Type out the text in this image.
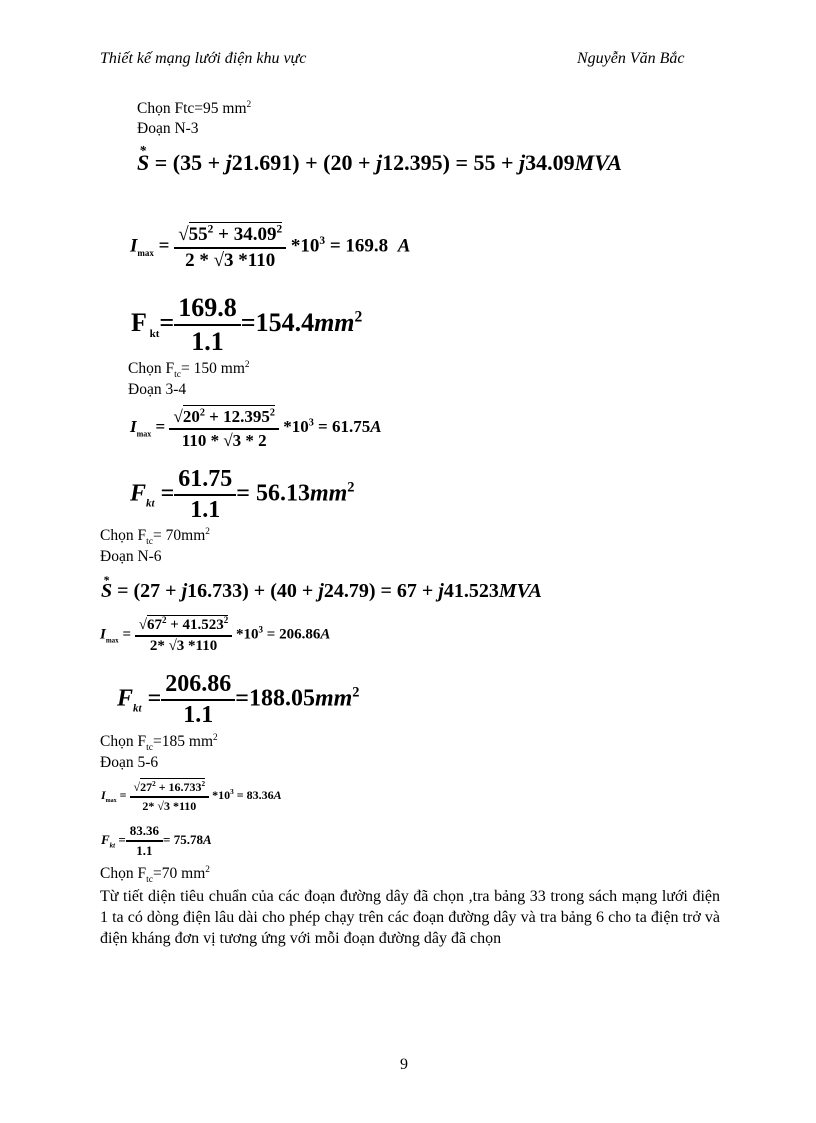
Thiết kế mạng lưới điện khu vực	Nguyễn Văn Bắc
Chọn Ftc=95 $mm^2$
Đoạn N-3
* S = (35 + j21.691) + (20 + j12.395) = 55 + j34.09MVA
$I_{max} = \frac{√55^2 + 34.09^2}{2 * √3 *110} *10^3 = 169.8$  A
F $_{kt}= \frac{169.8}{1.1} =154.4mm^2$
Chọn $F_{tc}= 150$ $mm^2$
Đoạn 3-4
$I_{max} = \frac{√20^2 + 12.395^2}{110 * √3 * 2} *10^3 = 61.75A$
$F_{kt} = \frac{61.75}{1.1} = 56.13mm^2$
Chọn $F_{tc}= 70mm^2$
Đoạn N-6
* S = (27 + j16.733) + (40 + j24.79) = 67 + j41.523MVA
$I_{max} = \frac{√67^2 + 41.523^2}{2* √3 *110} *10^3 = 206.86A$
$F_{kt} = \frac{206.86}{1.1} =188.05mm^2$
Chọn $F_{tc}=185$ $mm^2$
Đoạn 5-6
$I_{max} = \frac{√27^2 + 16.733^2}{2* √3 *110} *10^3 = 83.36A$
$F_{kt} = \frac{83.36}{1.1} = 75.78A$
Chọn $F_{tc}=70$ $mm^2$
Từ tiết diện tiêu chuẩn của các đoạn đường dây đã chọn ,tra bảng 33 trong sách mạng lưới điện 1 ta có dòng điện lâu dài cho phép chạy trên các đoạn đường dây và tra bảng 6 cho ta điện trở và điện kháng đơn vị tương ứng với mỗi đoạn đường dây đã chọn
9
